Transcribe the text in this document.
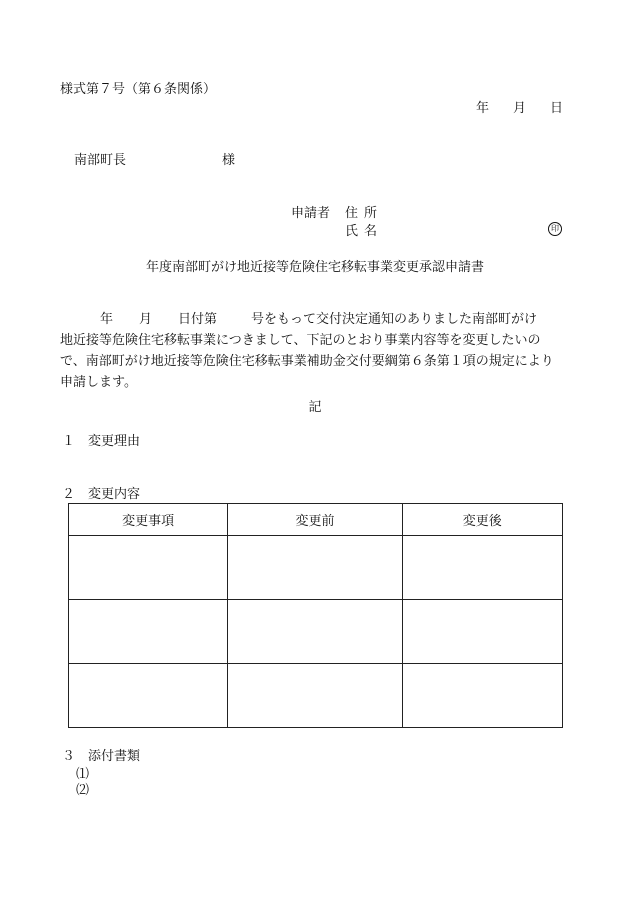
様式第７号（第６条関係）
年 月 日
南部町長	様
申請者 住所
氏名	印
年度南部町がけ地近接等危険住宅移転事業変更承認申請書
年 月 日付第	号をもって交付決定通知のありました南部町がけ
地近接等危険住宅移転事業につきまして、下記のとおり事業内容等を変更したいの
で、南部町がけ地近接等危険住宅移転事業補助金交付要綱第６条第１項の規定により
申請します。
記
１ 変更理由
２ 変更内容
変更事項	変更前	変更後

３ 添付書類
⑴
⑵
